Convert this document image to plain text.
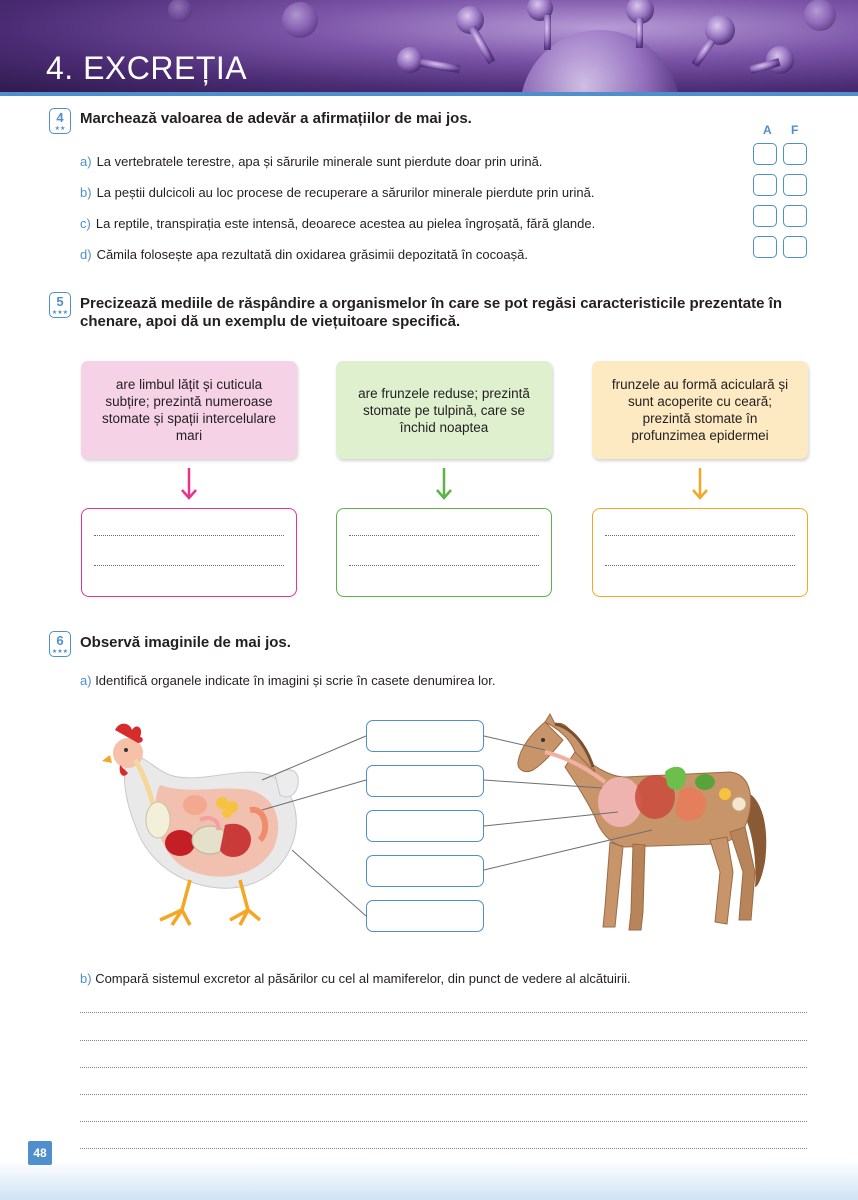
4. EXCREȚIA
4
★★
Marchează valoarea de adevăr a afirmațiilor de mai jos.
A F
a) La vertebratele terestre, apa și sărurile minerale sunt pierdute doar prin urină.
b) La peștii dulcicoli au loc procese de recuperare a sărurilor minerale pierdute prin urină.
c) La reptile, transpirația este intensă, deoarece acestea au pielea îngroșată, fără glande.
d) Cămila folosește apa rezultată din oxidarea grăsimii depozitată în cocoașă.
5
★★★
Precizează mediile de răspândire a organismelor în care se pot regăsi caracteristicile prezentate în
chenare, apoi dă un exemplu de viețuitoare specifică.
are limbul lățit și cuticula subțire; prezintă numeroase stomate și spații intercelulare mari
are frunzele reduse; prezintă stomate pe tulpină, care se închid noaptea
frunzele au formă aciculară și sunt acoperite cu ceară; prezintă stomate în profunzimea epidermei
6
★★★
Observă imaginile de mai jos.
a) Identifică organele indicate în imagini și scrie în casete denumirea lor.
b) Compară sistemul excretor al păsărilor cu cel al mamiferelor, din punct de vedere al alcătuirii.
48
